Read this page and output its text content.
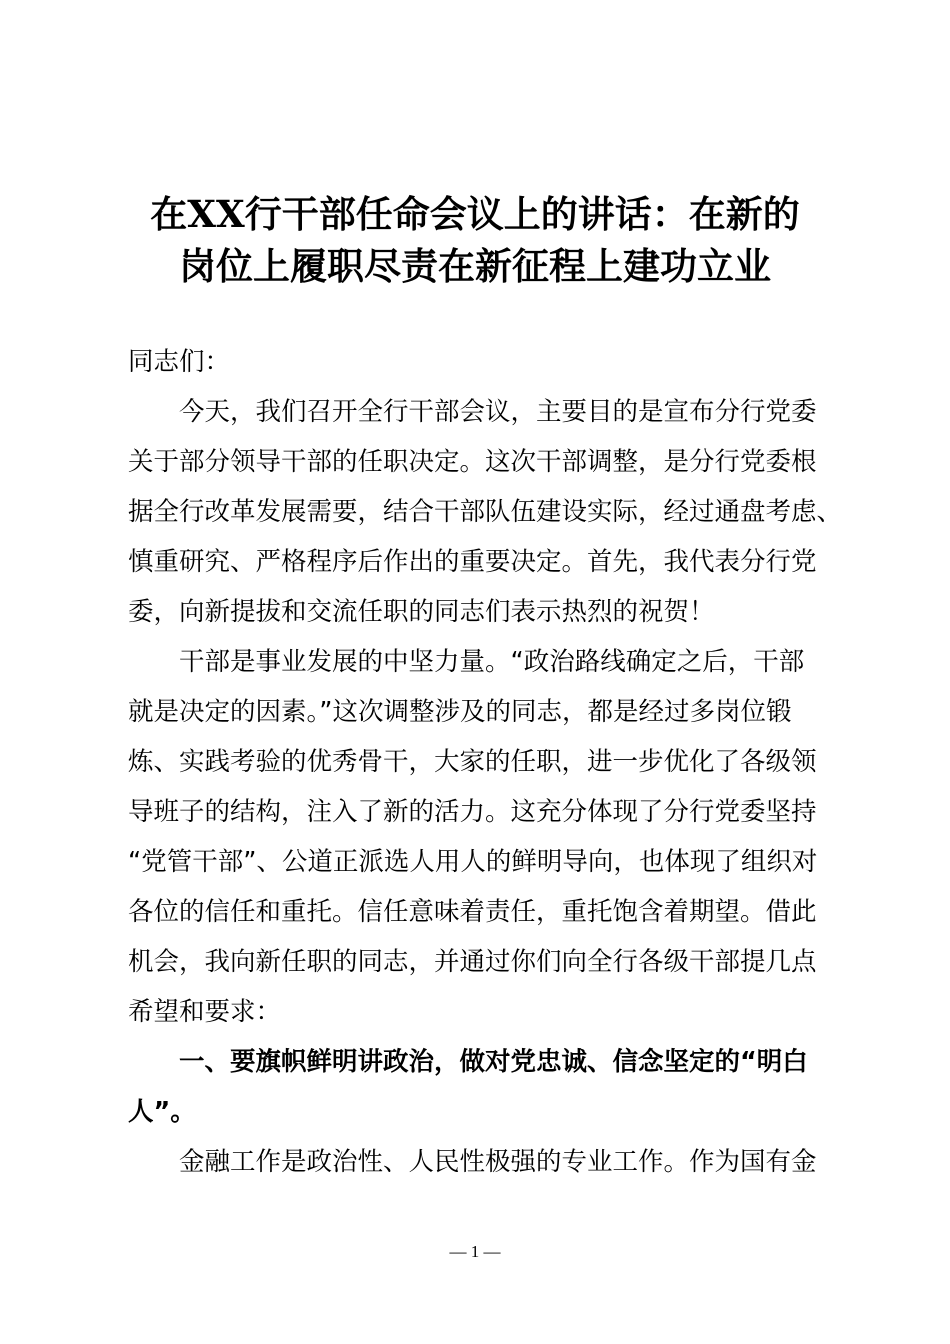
在XX行干部任命会议上的讲话：在新的
岗位上履职尽责在新征程上建功立业
同志们：
今天，我们召开全行干部会议，主要目的是宣布分行党委
关于部分领导干部的任职决定。这次干部调整，是分行党委根
据全行改革发展需要，结合干部队伍建设实际，经过通盘考虑、
慎重研究、严格程序后作出的重要决定。首先，我代表分行党
委，向新提拔和交流任职的同志们表示热烈的祝贺！
干部是事业发展的中坚力量。“政治路线确定之后，干部
就是决定的因素。”这次调整涉及的同志，都是经过多岗位锻
炼、实践考验的优秀骨干，大家的任职，进一步优化了各级领
导班子的结构，注入了新的活力。这充分体现了分行党委坚持
“党管干部”、公道正派选人用人的鲜明导向，也体现了组织对
各位的信任和重托。信任意味着责任，重托饱含着期望。借此
机会，我向新任职的同志，并通过你们向全行各级干部提几点
希望和要求：
一、要旗帜鲜明讲政治，做对党忠诚、信念坚定的“明白
人”。
金融工作是政治性、人民性极强的专业工作。作为国有金
— 1 —
